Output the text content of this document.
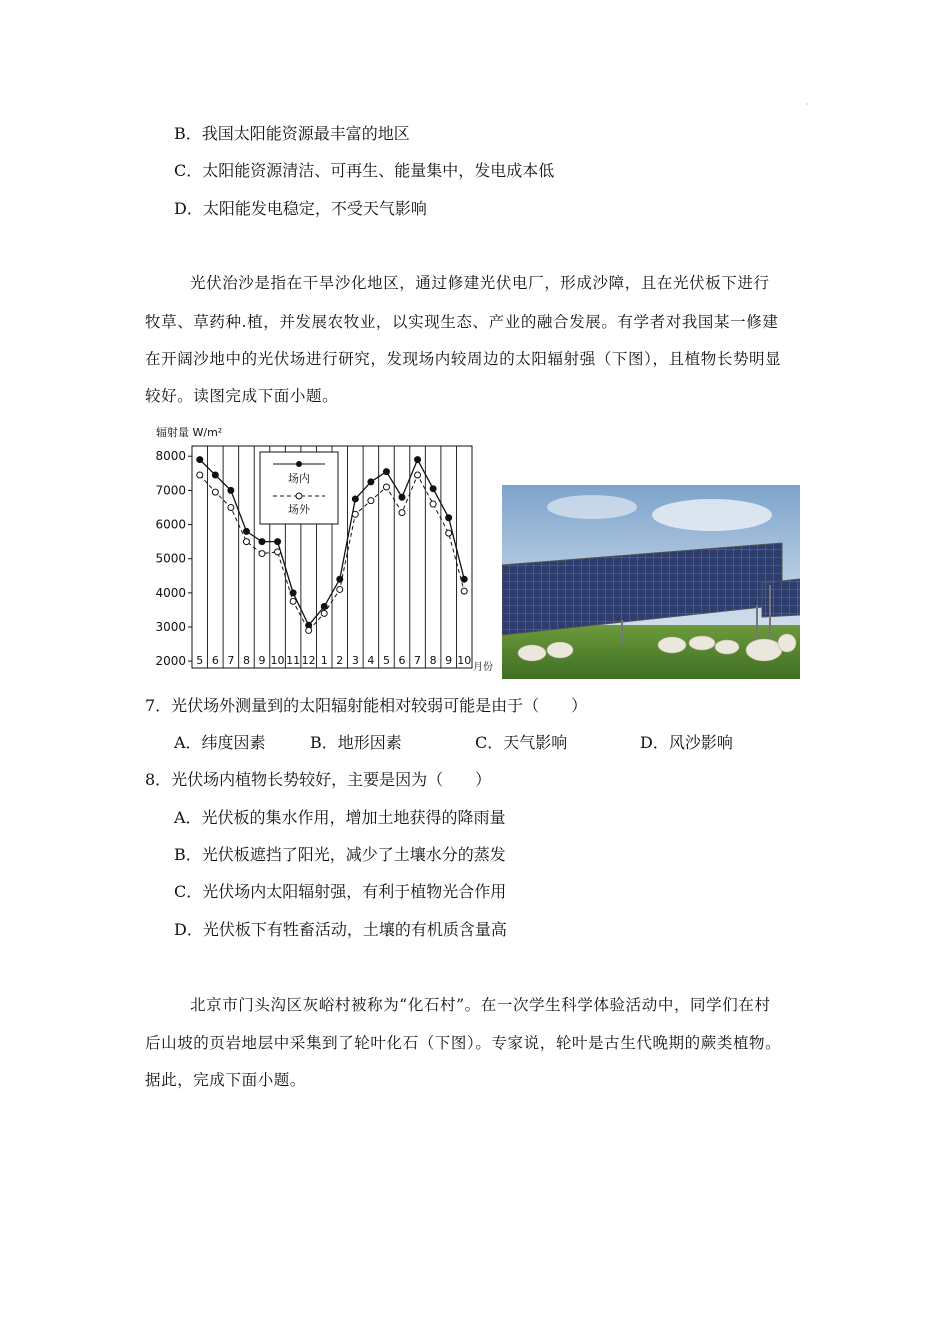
·
B．我国太阳能资源最丰富的地区
C．太阳能资源清洁、可再生、能量集中，发电成本低
D．太阳能发电稳定，不受天气影响
光伏治沙是指在干旱沙化地区，通过修建光伏电厂，形成沙障，且在光伏板下进行
牧草、草药种.植，并发展农牧业，以实现生态、产业的融合发展。有学者对我国某一修建
在开阔沙地中的光伏场进行研究，发现场内较周边的太阳辐射强（下图），且植物长势明显
较好。读图完成下面小题。
辐射量 W/m²
8000
7000
6000
5000
4000
3000
2000 5 6 7 8 9 10 11 12 1 2 3 4 5 6 7 8 9 10
场内
场外
月份
7．光伏场外测量到的太阳辐射能相对较弱可能是由于（　　）
A．纬度因素	B．地形因素	C．天气影响	D．风沙影响
8．光伏场内植物长势较好，主要是因为（　　）
A．光伏板的集水作用，增加土地获得的降雨量
B．光伏板遮挡了阳光，减少了土壤水分的蒸发
C．光伏场内太阳辐射强，有利于植物光合作用
D．光伏板下有牲畜活动，土壤的有机质含量高
北京市门头沟区灰峪村被称为“化石村”。在一次学生科学体验活动中，同学们在村
后山坡的页岩地层中采集到了轮叶化石（下图）。专家说，轮叶是古生代晚期的蕨类植物。
据此，完成下面小题。
